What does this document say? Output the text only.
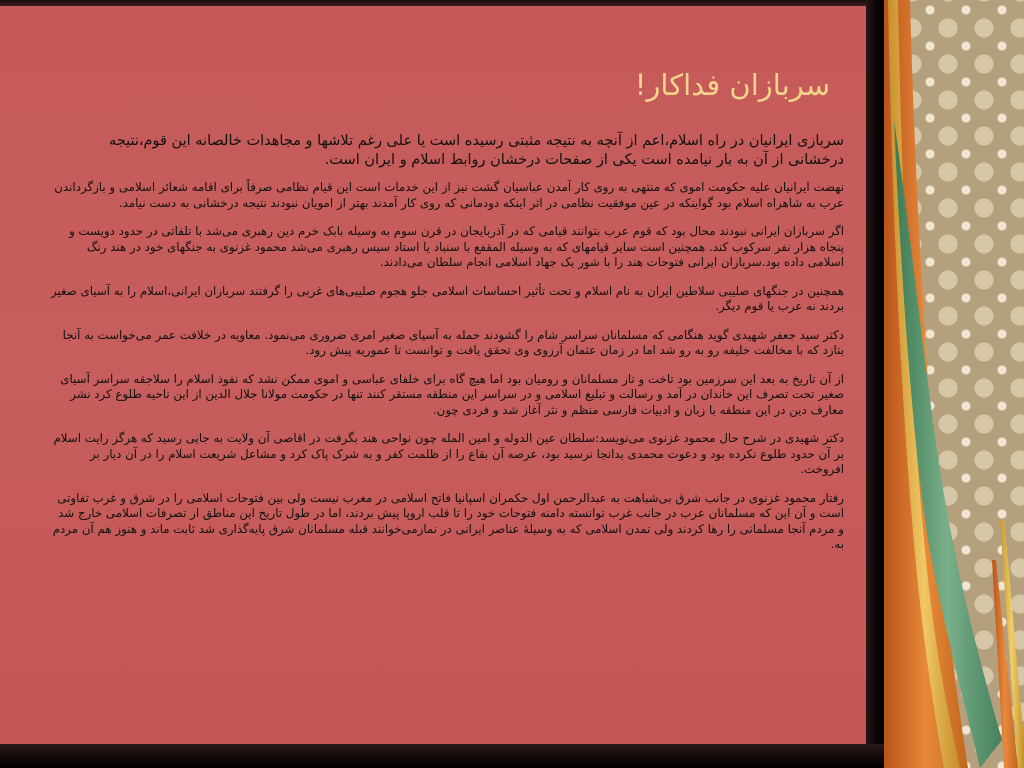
سربازان فداکار!

سربازی ایرانیان در راه اسلام،اعم از آنچه به نتیجه مثبتی رسیده است یا علی رغم تلاشها و مجاهدات خالصانه این قوم،نتیجه درخشانی از آن به بار نیامده است یکی از صفحات درخشان روابط اسلام و ایران است.

نهضت ایرانیان علیه حکومت اموی که منتهی به روی کار آمدن عباسیان گشت نیز از این خدمات است این قیام نظامی صرفاً برای اقامه شعائر اسلامی و بازگرداندن عرب به شاهراه اسلام بود گواینکه در عین موفقیت نظامی در اثر اینکه دودمانی که روی کار آمدند بهتر از امویان نبودند نتیجه درخشانی به دست نیامد.

اگر سربازان ایرانی نبودند محال بود که قوم عرب بتوانند قیامی که در آذربایجان در قرن سوم به وسیله بابک خرم دین رهبری می‌شد با تلفاتی در حدود دویست و پنجاه هزار نفر سرکوب کند. همچنین است سایر قیامهای که به وسیله المقفع با سنباد یا استاد سیس رهبری می‌شد محمود غزنوی به جنگهای خود در هند رنگ اسلامی داده بود.سربازان ایرانی فتوحات هند را با شور یک جهاد اسلامی انجام سلطان می‌دادند.

همچنین در جنگهای صلیبی سلاطین ایران به نام اسلام و تحت تأثیر احساسات اسلامی جلو هجوم صلیبی‌های غربی را گرفتند سربازان ایرانی،اسلام را به آسیای صغیر بردند نه عرب یا قوم دیگر.

دکتر سید جعفر شهیدی گوید هنگامی که مسلمانان سراسر شام را گشودند حمله به آسیای صغیر امری ضروری می‌نمود. معاویه در خلافت عمر می‌خواست به آنجا بتازد که با مخالفت خلیفه رو به رو شد اما در زمان عثمان آرزوی وی تحقق یافت و توانست تا عموریه پیش رود.

از آن تاریخ به بعد این سرزمین بود تاخت و تاز مسلمانان و رومیان بود اما هیچ گاه برای خلفای عباسی و اموی ممکن نشد که نفوذ اسلام را سلاجقه سراسر آسیای صغیر تحت تصرف این خاندان در آمد و رسالت و تبلیغ اسلامی و در سراسر این منطقه مستقر کنند تنها در حکومت مولانا جلال الدین از این ناحیه طلوع کرد نشر معارف دین در این منطقه با زبان و ادبیات فارسی منظم و نثر آغاز شد و فردی چون.

دکتر شهیدی در شرح حال محمود غزنوی می‌نویسد:سلطان عین الدوله و امین المله چون نواحی هند بگرفت در اقاصی آن ولایت به جایی رسید که هرگز رایت اسلام بر آن حدود طلوع نکرده بود و دعوت محمدی بدانجا نرسید بود، عرصه آن بقاع را از ظلمت کفر و به شرک پاک کرد و مشاعل شریعت اسلام را در آن دیار بر افروخت.

رفتار محمود غزنوی در جانب شرق بی‌شباهت به عبدالرحمن اول حکمران اسپانیا فاتح اسلامی در مغرب نیست ولی بین فتوحات اسلامی را در شرق و غرب تفاوتی است و آن این که مسلمانان عرب در جانب غرب توانسته دامنه فتوحات خود را تا قلب اروپا پیش بردند، اما در طول تاریخ این مناطق از تصرفات اسلامی خارج شد و مردم آنجا مسلمانی را رها کردند ولی تمدن اسلامی که به وسیلهٔ عناصر ایرانی در نمازمی‌خوانند قبله مسلمانان شرق پایه‌گذاری شد ثابت ماند و هنوز هم آن مردم به.
